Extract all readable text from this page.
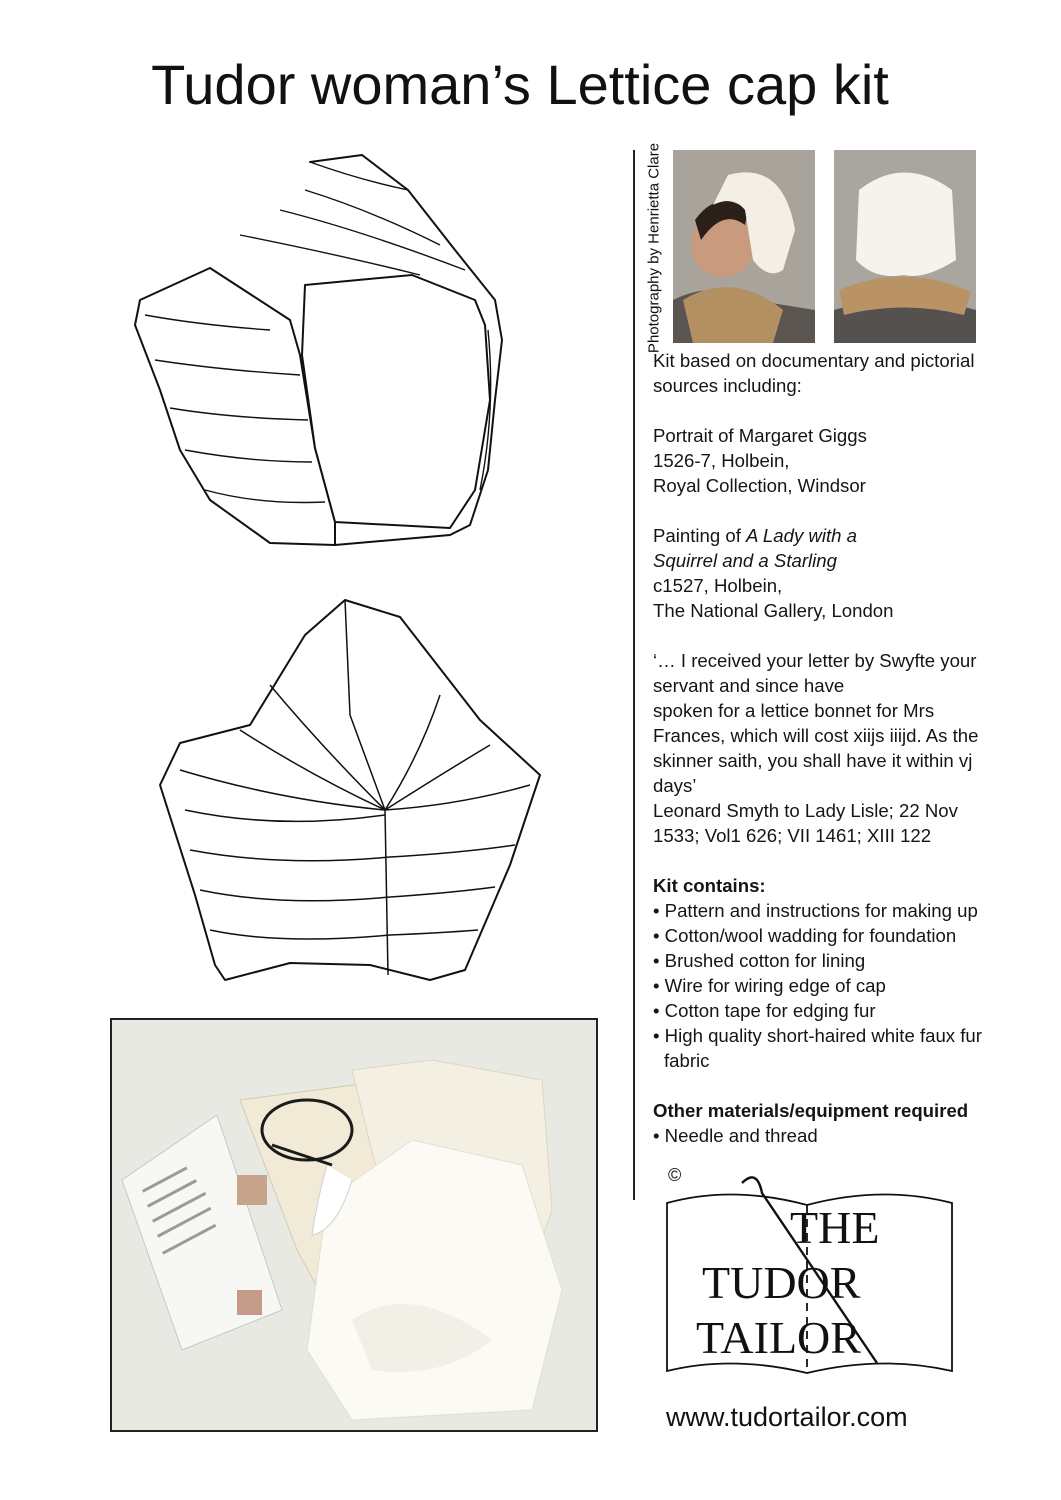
Tudor woman’s Lettice cap kit
Photography by Henrietta Clare

Kit based on documentary and pictorial

sources including:

Portrait of Margaret Giggs

1526-7, Holbein,

Royal Collection, Windsor

Painting of A Lady with a

Squirrel and a Starling

c1527, Holbein,

The National Gallery, London

‘… I received your letter by Swyfte your

servant and since have

spoken for a lettice bonnet for Mrs

Frances, which will cost xiijs iiijd. As the

skinner saith, you shall have it within vj

days’

Leonard Smyth to Lady Lisle; 22 Nov

1533; Vol1 626; VII 1461; XIII 122

Kit contains:

• Pattern and instructions for making up
• Cotton/wool wadding for foundation
• Brushed cotton for lining
• Wire for wiring edge of cap
• Cotton tape for edging fur
• High quality short-haired white faux fur fabric

Other materials/equipment required

• Needle and thread
©
THE
TUDOR
TAILOR
www.tudortailor.com
